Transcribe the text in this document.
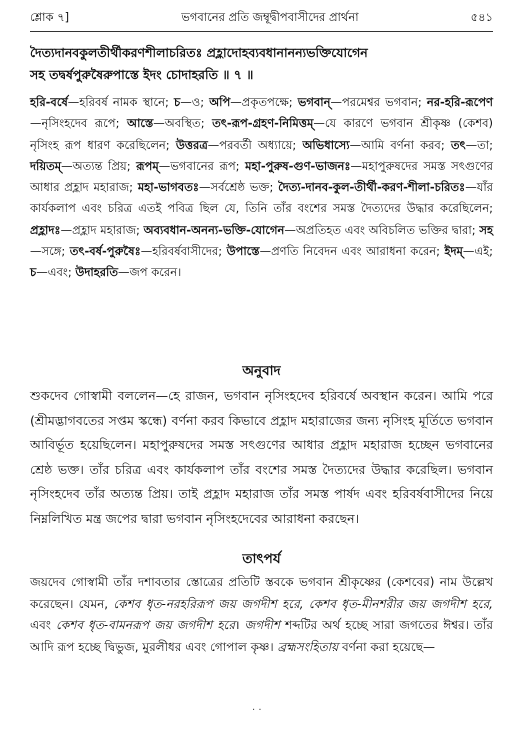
শ্লোক ৭]	ভগবানের প্রতি জম্বূদ্বীপবাসীদের প্রার্থনা	৫৪১

দৈত্যদানবকুলতীর্থীকরণশীলাচরিতঃ প্রহ্লাদোহব্যবধানানন্যভক্তিযোগেন

সহ তদ্বর্ষপুরুষৈরুপাস্তে ইদং চোদাহরতি ॥ ৭ ॥

হরি-বর্ষে—হরিবর্ষ নামক স্থানে; চ—ও; অপি—প্রকৃতপক্ষে; ভগবান্—পরমেশ্বর ভগবান; নর-হরি-রূপেণ—নৃসিংহদেব রূপে; আস্তে—অবস্থিত; তৎ-রূপ-গ্রহণ-নিমিত্তম্—যে কারণে ভগবান শ্রীকৃষ্ণ (কেশব) নৃসিংহ রূপ ধারণ করেছিলেন; উত্তরত্র—পরবর্তী অধ্যায়ে; অভিধাস্যে—আমি বর্ণনা করব; তৎ—তা; দয়িতম্—অত্যন্ত প্রিয়; রূপম্—ভগবানের রূপ; মহা-পুরুষ-গুণ-ভাজনঃ—মহাপুরুষদের সমস্ত সৎগুণের আধার প্রহ্লাদ মহারাজ; মহা-ভাগবতঃ—সর্বশ্রেষ্ঠ ভক্ত; দৈত্য-দানব-কুল-তীর্থী-করণ-শীলা-চরিতঃ—যাঁর কার্যকলাপ এবং চরিত্র এতই পবিত্র ছিল যে, তিনি তাঁর বংশের সমস্ত দৈত্যদের উদ্ধার করেছিলেন; প্রহ্লাদঃ—প্রহ্লাদ মহারাজ; অব্যবধান-অনন্য-ভক্তি-যোগেন—অপ্রতিহত এবং অবিচলিত ভক্তির দ্বারা; সহ—সঙ্গে; তৎ-বর্ষ-পুরুষৈঃ—হরিবর্ষবাসীদের; উপাস্তে—প্রণতি নিবেদন এবং আরাধনা করেন; ইদম্—এই; চ—এবং; উদাহরতি—জপ করেন।
অনুবাদ

শুকদেব গোস্বামী বললেন—হে রাজন, ভগবান নৃসিংহদেব হরিবর্ষে অবস্থান করেন। আমি পরে (শ্রীমদ্ভাগবতের সপ্তম স্কন্ধে) বর্ণনা করব কিভাবে প্রহ্লাদ মহারাজের জন্য নৃসিংহ মূর্তিতে ভগবান আবির্ভূত হয়েছিলেন। মহাপুরুষদের সমস্ত সৎগুণের আধার প্রহ্লাদ মহারাজ হচ্ছেন ভগবানের শ্রেষ্ঠ ভক্ত। তাঁর চরিত্র এবং কার্যকলাপ তাঁর বংশের সমস্ত দৈত্যদের উদ্ধার করেছিল। ভগবান নৃসিংহদেব তাঁর অত্যন্ত প্রিয়। তাই প্রহ্লাদ মহারাজ তাঁর সমস্ত পার্ষদ এবং হরিবর্ষবাসীদের নিয়ে নিম্নলিখিত মন্ত্র জপের দ্বারা ভগবান নৃসিংহদেবের আরাধনা করছেন।

তাৎপর্য

জয়দেব গোস্বামী তাঁর দশাবতার স্তোত্রের প্রতিটি স্তবকে ভগবান শ্রীকৃষ্ণের (কেশবের) নাম উল্লেখ করেছেন। যেমন, কেশব ধৃত-নরহরিরূপ জয় জগদীশ হরে, কেশব ধৃত-মীনশরীর জয় জগদীশ হরে, এবং কেশব ধৃত-বামনরূপ জয় জগদীশ হরে। জগদীশ শব্দটির অর্থ হচ্ছে সারা জগতের ঈশ্বর। তাঁর আদি রূপ হচ্ছে দ্বিভুজ, মুরলীধর এবং গোপাল কৃষ্ণ। ব্রহ্মসংহিতায় বর্ণনা করা হয়েছে—

· ·
